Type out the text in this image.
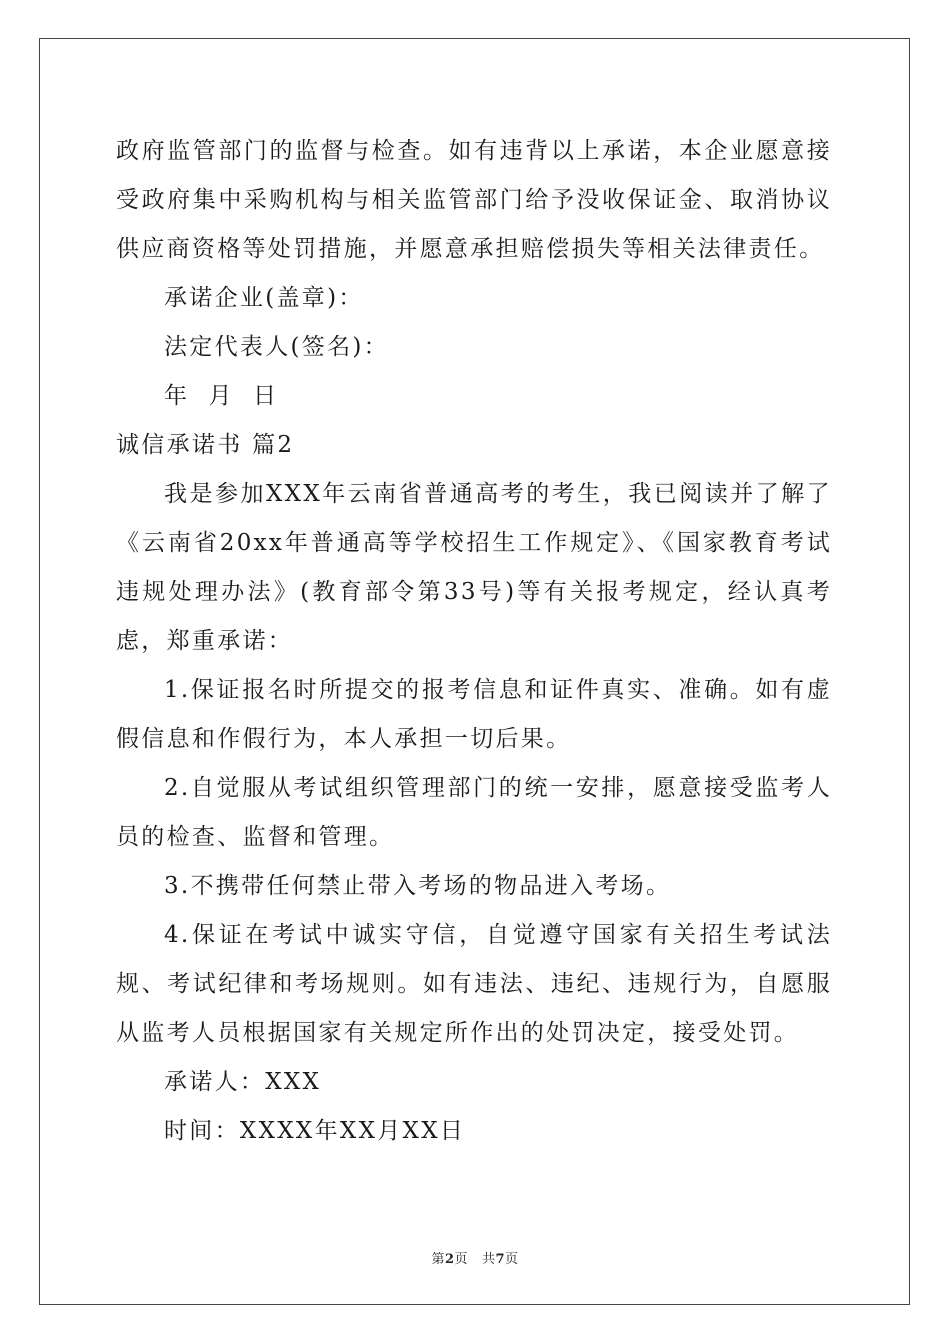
政府监管部门的监督与检查。如有违背以上承诺，本企业愿意接受政府集中采购机构与相关监管部门给予没收保证金、取消协议供应商资格等处罚措施，并愿意承担赔偿损失等相关法律责任。

承诺企业(盖章)：

法定代表人(签名)：

年  月  日

诚信承诺书 篇2

我是参加XXX年云南省普通高考的考生，我已阅读并了解了《云南省20xx年普通高等学校招生工作规定》、《国家教育考试违规处理办法》(教育部令第33号)等有关报考规定，经认真考虑，郑重承诺：

1.保证报名时所提交的报考信息和证件真实、准确。如有虚假信息和作假行为，本人承担一切后果。

2.自觉服从考试组织管理部门的统一安排，愿意接受监考人员的检查、监督和管理。

3.不携带任何禁止带入考场的物品进入考场。

4.保证在考试中诚实守信，自觉遵守国家有关招生考试法规、考试纪律和考场规则。如有违法、违纪、违规行为，自愿服从监考人员根据国家有关规定所作出的处罚决定，接受处罚。

承诺人：XXX

时间：XXXX年XX月XX日

第2页 共7页
